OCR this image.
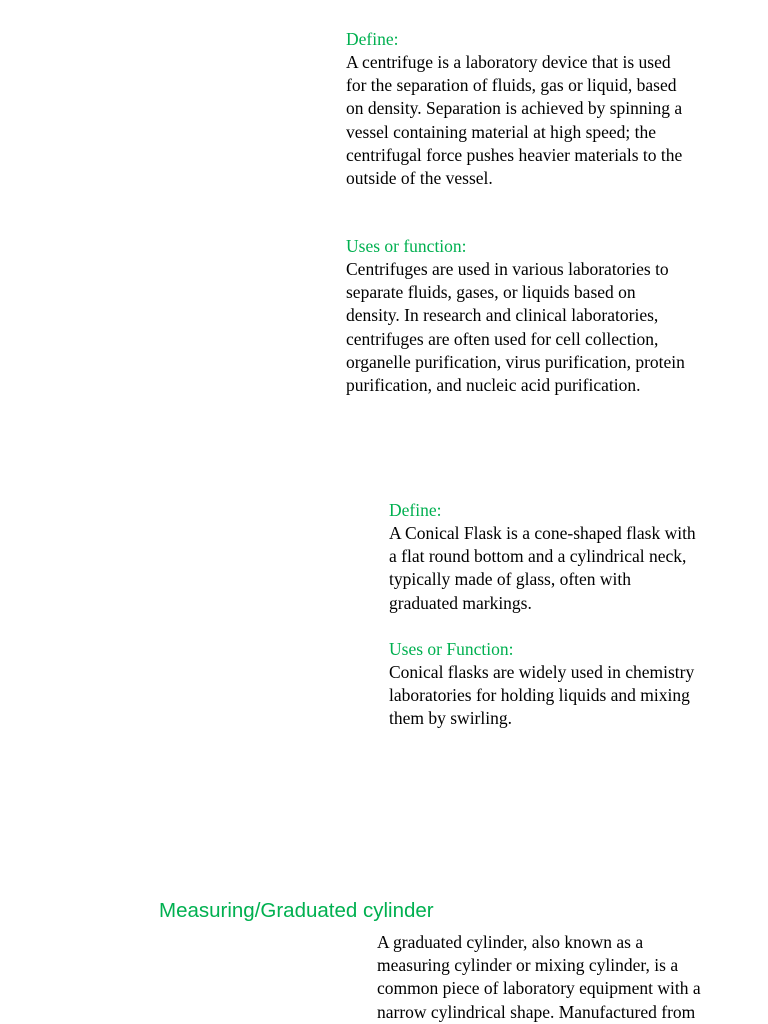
Define:

A centrifuge is a laboratory device that is used
for the separation of fluids, gas or liquid, based
on density. Separation is achieved by spinning a
vessel containing material at high speed; the
centrifugal force pushes heavier materials to the
outside of the vessel.

Uses or function:

Centrifuges are used in various laboratories to
separate fluids, gases, or liquids based on
density. In research and clinical laboratories,
centrifuges are often used for cell collection,
organelle purification, virus purification, protein
purification, and nucleic acid purification.

Define:

A Conical Flask is a cone-shaped flask with
a flat round bottom and a cylindrical neck,
typically made of glass, often with
graduated markings.

Uses or Function:

Conical flasks are widely used in chemistry
laboratories for holding liquids and mixing
them by swirling.

Measuring/Graduated cylinder

A graduated cylinder, also known as a
measuring cylinder or mixing cylinder, is a
common piece of laboratory equipment with a
narrow cylindrical shape. Manufactured from
